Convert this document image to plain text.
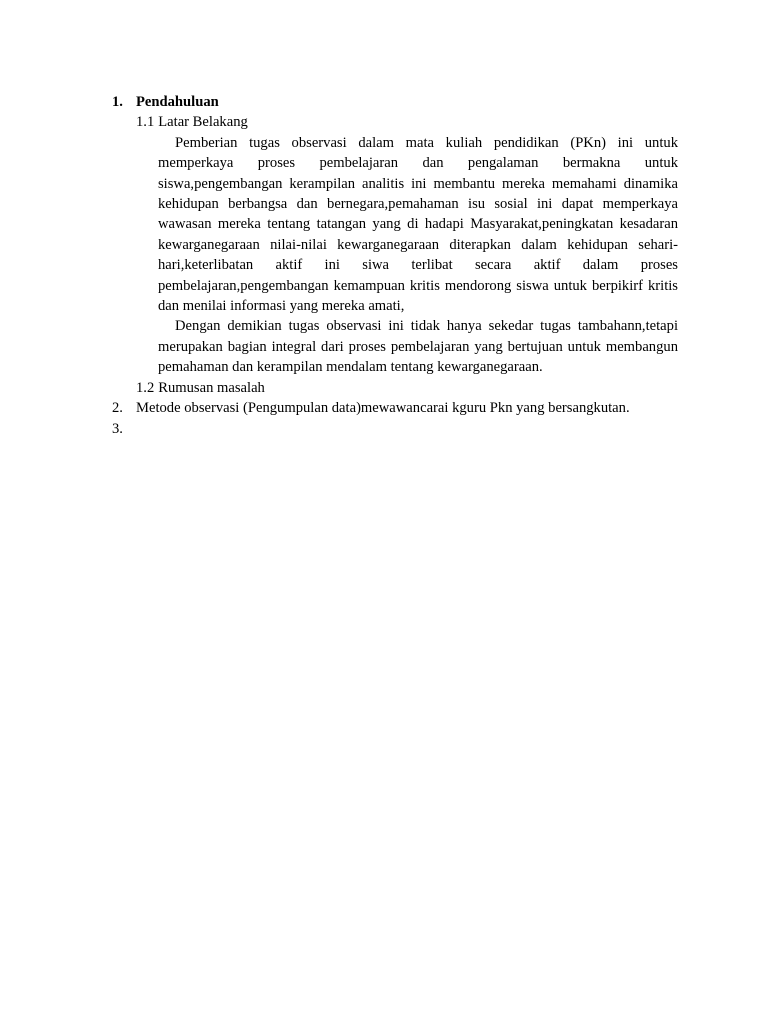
1. Pendahuluan
1.1 Latar Belakang

Pemberian tugas observasi dalam mata kuliah pendidikan (PKn) ini untuk memperkaya proses pembelajaran dan pengalaman bermakna untuk siswa,pengembangan kerampilan analitis ini membantu mereka memahami dinamika kehidupan berbangsa dan bernegara,pemahaman isu sosial ini dapat memperkaya wawasan mereka tentang tatangan yang di hadapi Masyarakat,peningkatan kesadaran kewarganegaraan nilai-nilai kewarganegaraan diterapkan dalam kehidupan sehari-hari,keterlibatan aktif ini siwa terlibat secara aktif dalam proses pembelajaran,pengembangan kemampuan kritis mendorong siswa untuk berpikirf kritis dan menilai informasi yang mereka amati,

Dengan demikian tugas observasi ini tidak hanya sekedar tugas tambahann,tetapi merupakan bagian integral dari proses pembelajaran yang bertujuan untuk membangun pemahaman dan kerampilan mendalam tentang kewarganegaraan.

1.2 Rumusan masalah
2. Metode observasi (Pengumpulan data)mewawancarai kguru Pkn yang bersangkutan.
3.
